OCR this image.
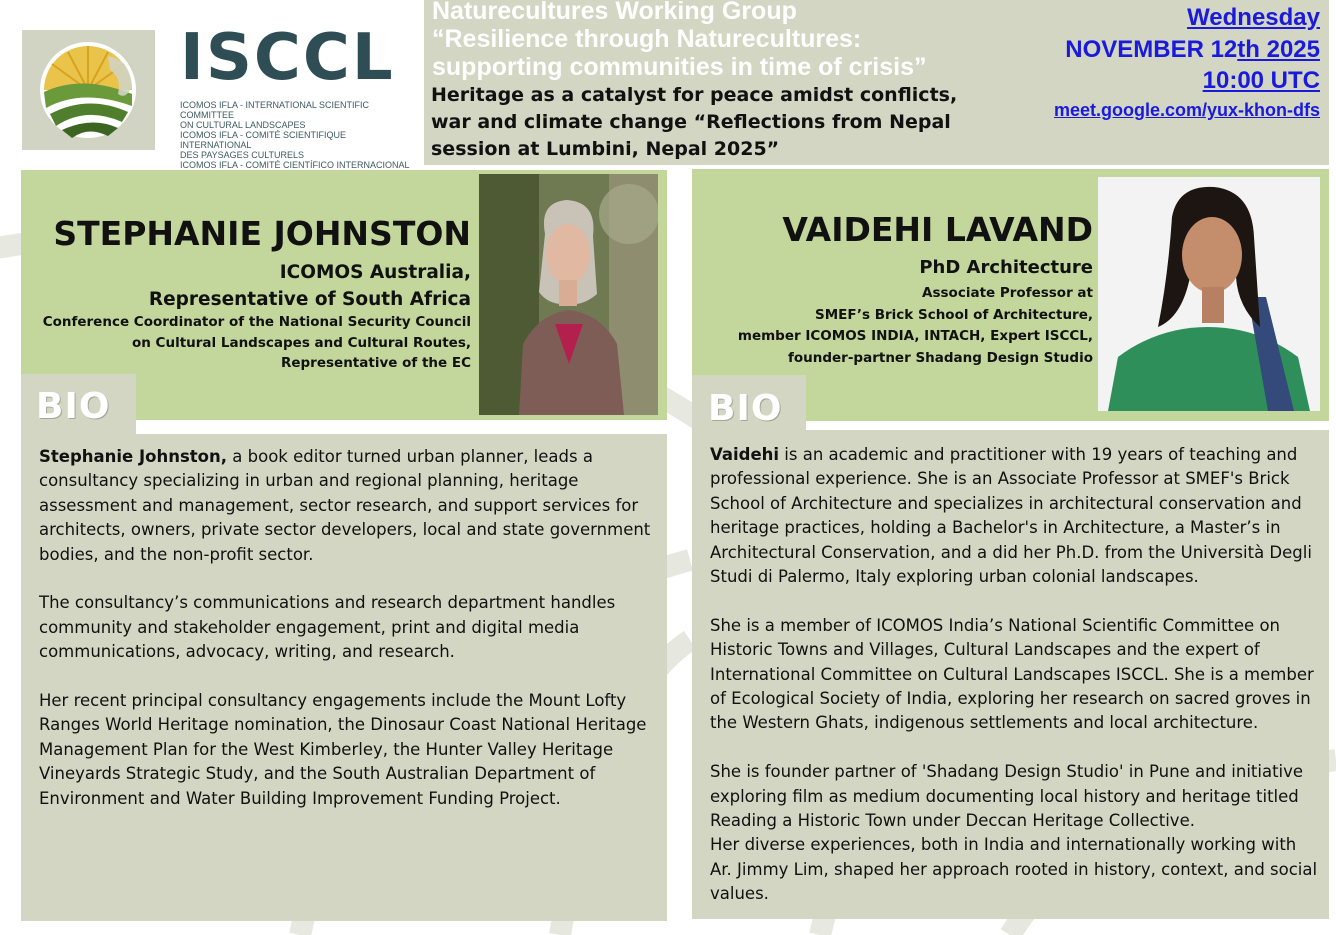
ISCCL
ICOMOS IFLA - INTERNATIONAL SCIENTIFIC COMMITTEE
ON CULTURAL LANDSCAPES
ICOMOS IFLA - COMITÉ SCIENTIFIQUE INTERNATIONAL
DES PAYSAGES CULTURELS
ICOMOS IFLA - COMITÉ CIENTÍFICO INTERNACIONAL
Naturecultures Working Group
“Resilience through Naturecultures:
supporting communities in time of crisis”
Heritage as a catalyst for peace amidst conflicts, war and climate change “Reflections from Nepal session at Lumbini, Nepal 2025”
Wednesday
NOVEMBER 12th 2025
10:00 UTC
meet.google.com/yux-khon-dfs
STEPHANIE JOHNSTON
ICOMOS Australia,
Representative of South Africa
Conference Coordinator of the National Security Council
on Cultural Landscapes and Cultural Routes,
Representative of the EC
BIO

Stephanie Johnston, a book editor turned urban planner, leads a consultancy specializing in urban and regional planning, heritage assessment and management, sector research, and support services for architects, owners, private sector developers, local and state government bodies, and the non-profit sector.

The consultancy’s communications and research department handles community and stakeholder engagement, print and digital media communications, advocacy, writing, and research.

Her recent principal consultancy engagements include the Mount Lofty Ranges World Heritage nomination, the Dinosaur Coast National Heritage Management Plan for the West Kimberley, the Hunter Valley Heritage Vineyards Strategic Study, and the South Australian Department of Environment and Water Building Improvement Funding Project.

VAIDEHI LAVAND
PhD Architecture
Associate Professor at
SMEF’s Brick School of Architecture,
member ICOMOS INDIA, INTACH, Expert ISCCL,
founder-partner Shadang Design Studio
BIO

Vaidehi is an academic and practitioner with 19 years of teaching and professional experience. She is an Associate Professor at SMEF's Brick School of Architecture and specializes in architectural conservation and heritage practices, holding a Bachelor's in Architecture, a Master’s in Architectural Conservation, and a did her Ph.D. from the Università Degli Studi di Palermo, Italy exploring urban colonial landscapes.

She is a member of ICOMOS India’s National Scientific Committee on Historic Towns and Villages, Cultural Landscapes and the expert of International Committee on Cultural Landscapes ISCCL. She is a member of Ecological Society of India, exploring her research on sacred groves in the Western Ghats, indigenous settlements and local architecture.

She is founder partner of 'Shadang Design Studio' in Pune and initiative exploring film as medium documenting local history and heritage titled Reading a Historic Town under Deccan Heritage Collective.

Her diverse experiences, both in India and internationally working with Ar. Jimmy Lim, shaped her approach rooted in history, context, and social values.
